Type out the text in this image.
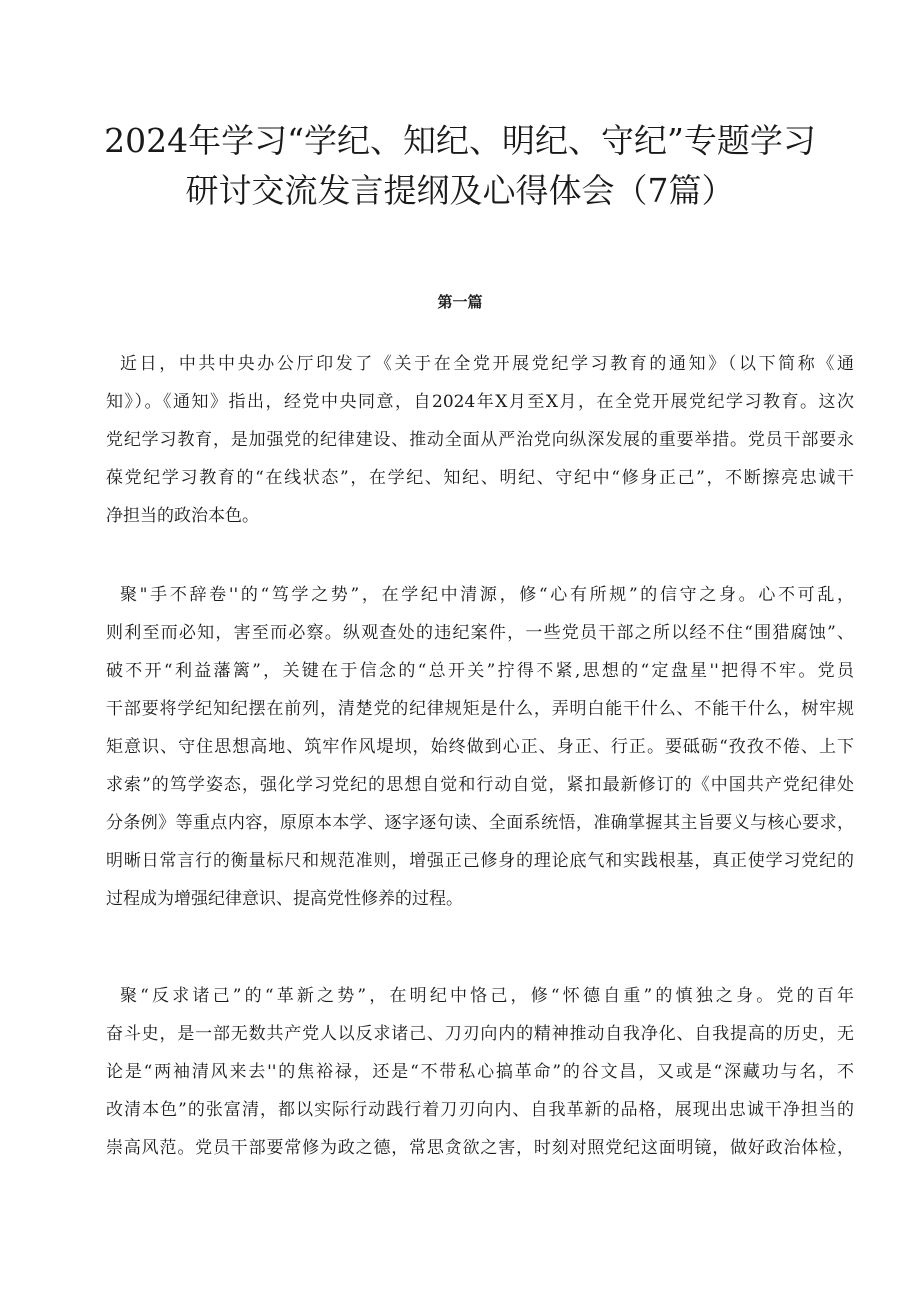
2024年学习“学纪、知纪、明纪、守纪”专题学习
研讨交流发言提纲及心得体会（7篇）
第一篇
近日，中共中央办公厅印发了《关于在全党开展党纪学习教育的通知》（以下简称《通
知》）。《通知》指出，经党中央同意，自2024年X月至X月，在全党开展党纪学习教育。这次
党纪学习教育，是加强党的纪律建设、推动全面从严治党向纵深发展的重要举措。党员干部要永
葆党纪学习教育的“在线状态”，在学纪、知纪、明纪、守纪中“修身正己”，不断擦亮忠诚干
净担当的政治本色。
聚"手不辞卷''的“笃学之势”，在学纪中清源，修“心有所规”的信守之身。心不可乱，
则利至而必知，害至而必察。纵观查处的违纪案件，一些党员干部之所以经不住“围猎腐蚀”、
破不开“利益藩篱”，关键在于信念的“总开关”拧得不紧,思想的“定盘星''把得不牢。党员
干部要将学纪知纪摆在前列，清楚党的纪律规矩是什么，弄明白能干什么、不能干什么，树牢规
矩意识、守住思想高地、筑牢作风堤坝，始终做到心正、身正、行正。要砥砺“孜孜不倦、上下
求索”的笃学姿态，强化学习党纪的思想自觉和行动自觉，紧扣最新修订的《中国共产党纪律处
分条例》等重点内容，原原本本学、逐字逐句读、全面系统悟，准确掌握其主旨要义与核心要求，
明晰日常言行的衡量标尺和规范准则，增强正己修身的理论底气和实践根基，真正使学习党纪的
过程成为增强纪律意识、提高党性修养的过程。
聚“反求诸己”的“革新之势”，在明纪中恪己，修“怀德自重”的慎独之身。党的百年
奋斗史，是一部无数共产党人以反求诸己、刀刃向内的精神推动自我净化、自我提高的历史，无
论是“两袖清风来去''的焦裕禄，还是“不带私心搞革命”的谷文昌，又或是“深藏功与名，不
改清本色”的张富清，都以实际行动践行着刀刃向内、自我革新的品格，展现出忠诚干净担当的
崇高风范。党员干部要常修为政之德，常思贪欲之害，时刻对照党纪这面明镜，做好政治体检，
